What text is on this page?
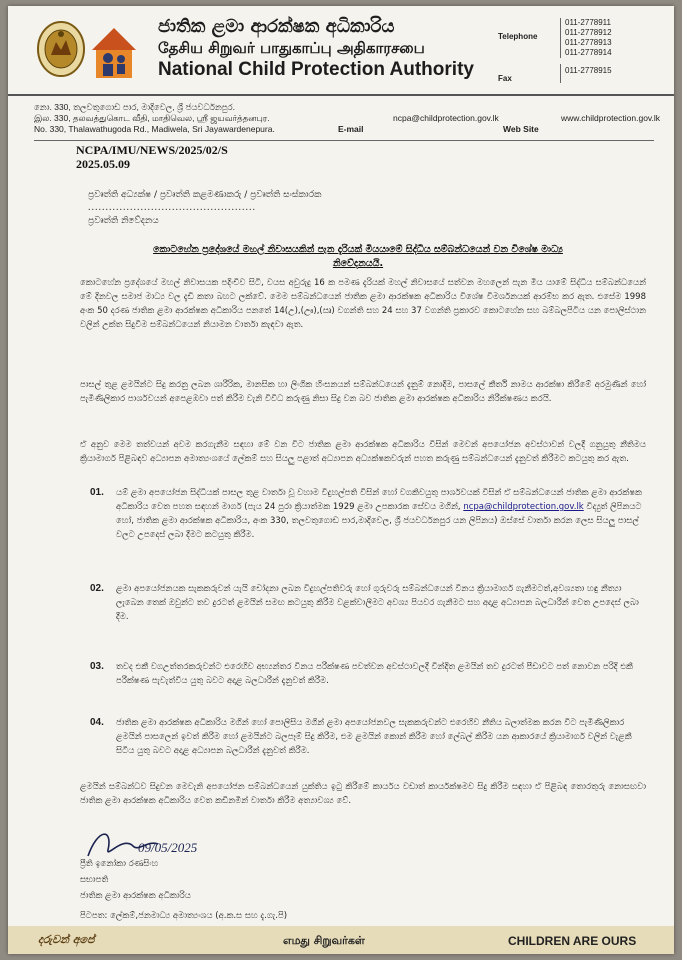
ජාතික ළමා ආරක්ෂක අධිකාරිය
தேசிய சிறுவர் பாதுகாப்பு அதிகாரசபை
National Child Protection Authority
Telephone
011-2778911
011-2778912
011-2778913
011-2778914
Fax
011-2778915
නො. 330, තලවතුගොඩ පාර, මාදිවෙල, ශ්‍රී ජයවර්ධනපුර.
இல. 330, தலவத்துகொட வீதி, மாதிவெல, ஸ்ரீ ஜயவர்த்தனபுர.
No. 330, Thalawathugoda Rd., Madiwela, Sri Jayawardenepura.
ncpa@childprotection.gov.lk
E-mail
www.childprotection.gov.lk
Web Site
NCPA/IMU/NEWS/2025/02/S
2025.05.09
ප්‍රවෘත්ති අධ්‍යක්ෂ / ප්‍රවෘත්ති කළමණාකරු / ප්‍රවෘත්ති සංස්කාරක
................................................
ප්‍රවෘත්ති නිවේදනය
කොටහේන ප්‍රදේශයේ මහල් නිවාසයකින් පැන දැරියක් මියයාමේ සිද්ධිය සම්බන්ධයෙන් වන විශේෂ මාධ්‍ය නිවේදනයයි.
කොටහේන ප්‍රදේශයේ මහල් නිවාසයක පදිංචිව සිටි, වයස අවුරුදු 16 ක පමණ දැරියක් මහල් නිවාසයේ සත්වන මහලෙන් පැන මිය යාමේ සිද්ධිය සම්බන්ධයෙන් මේ දිනවල සමාජ මාධ්‍ය වල දැඩි කතා බහට ලක්වේ. මෙම සම්බන්ධයෙන් ජාතික ළමා ආරක්ෂක අධිකාරිය විශේෂ විමර්ශනයක් ආරම්භ කර ඇත. එසේම 1998 අංක 50 දරණ ජාතික ළමා ආරක්ෂක අධිකාරිය පනතේ 14(උ),(ඌ),(ඍ) වගන්ති සහ 24 සහ 37 වගන්ති ප්‍රකාරව කොටහේන සහ බම්බලපිටිය යන පොලිස්ථාන වලින් උක්ත සිදුවීම සම්බන්ධයෙන් නියාමන වාර්තා කැඳවා ඇත.
පාසල් තුළ ළමයින්ට සිදු කරනු ලබන ශාරීරික, මානසික හා ලිංගික හිංසනයන් සම්බන්ධයෙන් දැනුම් නොදීම, පාසලේ කීර්ති නාමය ආරක්ෂා කිරීමේ අරමුණින් හෝ පැමිණිලිකාර පාර්ශවයන් අපෙළඹවා පත් කිරීම වැනි විවිධ කරුණු නිසා සිදු වන බව ජාතික ළමා ආරක්ෂක අධිකාරිය නිරීක්ෂණය කරයි.
ඒ අනුව මෙම තත්වයන් අවම කරගැනීම සඳහා මේ වන විට ජාතික ළමා ආරක්ෂක අධිකාරිය විසින් මෙවන් අපයෝජන අවස්ථාවන් වලදී ගනුයුතු නීතිමය ක්‍රියාමාර්ග පිළිබඳව අධ්‍යාපන අමාත්‍යංශයේ ලේකම් සහ සියලු පළාත් අධ්‍යාපන අධ්‍යක්ෂකවරුන් පහත කරුණු සම්බන්ධයෙන් දැනුවත් කිරීමට කටයුතු කර ඇත.
01. යම් ළමා අපයෝජන සිද්ධියක් පාසල තුළ වාර්තා වූ වහාම විදුහල්පති විසින් හෝ වගකිවයුතු පාර්ශවයක් විසින් ඒ සම්බන්ධයෙන් ජාතික ළමා ආරක්ෂක අධිකාරිය වෙත පහත සඳහන් මාර්ග (පැය 24 පුරා ක්‍රියාත්මක 1929 ළමා උපකාරක සේවය මගින්, ncpa@childprotection.gov.lk විද්‍යුත් ලිපිනයට හෝ, ජාතික ළමා ආරක්ෂක අධිකාරිය, අංක 330, තලවතුගොඩ පාර,මාදිවෙල, ශ්‍රී ජයවර්ධනපුර යන ලිපිනය) ඔස්සේ වාර්තා කරන ලෙස සියලු පාසල් වලට උපදෙස් ලබා දීමට කටයුතු කිරීම.
02. ළමා අපයෝජනයක සැකකරුවන් යැයි චෝදනා ලබන විදුහල්පතිවරු හෝ ගුරුවරු සම්බන්ධයෙන් විනය ක්‍රියාමාර්ග ගැනීමටත්,අවශ්‍යතා හඳු නීත්‍යා ලැබෙන තෙක් ඔවුන්ට තව දුරටත් ළමයින් සමඟ කටයුතු කිරීම වළක්වාලීමට අවශ්‍ය පියවර ගැනීමට සහ අදාළ අධ්‍යාපන බලධාරීන් වෙත උපදෙස් ලබා දීම.
03. තවද එකී වගඋත්තරකරුවන්ට එරෙහිව අභ්‍යන්තර විනය පරීක්ෂණ පවත්වන අවස්ථාවලදී වින්දිත ළමයින් තව දුරටත් පීඩාවට පත් නොවන පරිදි එකී පරීක්ෂණ පැවැත්විය යුතු බවට අදාළ බලධාරීන් දැනුවත් කිරීම.
04. ජාතික ළමා ආරක්ෂක අධිකාරිය මගින් හෝ පොලිසිය මගින් ළමා අපයෝජනවල සැකකරුවන්ට එරෙහිව නීතිය බලාත්මක කරන විට පැමිණිලිකාර ළමයින් පාසලෙන් ඉවත් කිරීම හෝ ළමයින්ට බලපෑම් සිදු කිරීම, එම ළමයින් කොන් කිරීම හෝ ලේබල් කිරීම යන ආකාරයේ ක්‍රියාමාර්ග වලින් වැළකී සිටිය යුතු බවට අදාළ අධ්‍යාපන බලධාරීන් දැනුවත් කිරීම.
ළමයින් සම්බන්ධව සිදුවන මෙවැනි අපයෝජන සම්බන්ධයෙන් යුක්තිය ඉටු කිරීමේ කාර්යය වඩාත් කාර්යක්ෂමව සිදු කිරීම සඳහා ඒ පිළිබඳ තොරතුරු නොසඟවා ජාතික ළමා ආරක්ෂක අධිකාරිය වෙත කඩිනමින් වාර්තා කිරීම අත්‍යාවශ්‍ය වේ.
09/05/2025
ප්‍රීති ඉනෝකා රණසිංහ
සභාපති
ජාතික ළමා ආරක්ෂක අධිකාරිය
පිටපත: ලේකම්,ජනමාධ්‍ය අමාත්‍යංශය (අ.ක.ස සහ දැ.ගැ.පි)
දරුවන් අපේ	எமது சிறுவர்கள்	CHILDREN ARE OURS
